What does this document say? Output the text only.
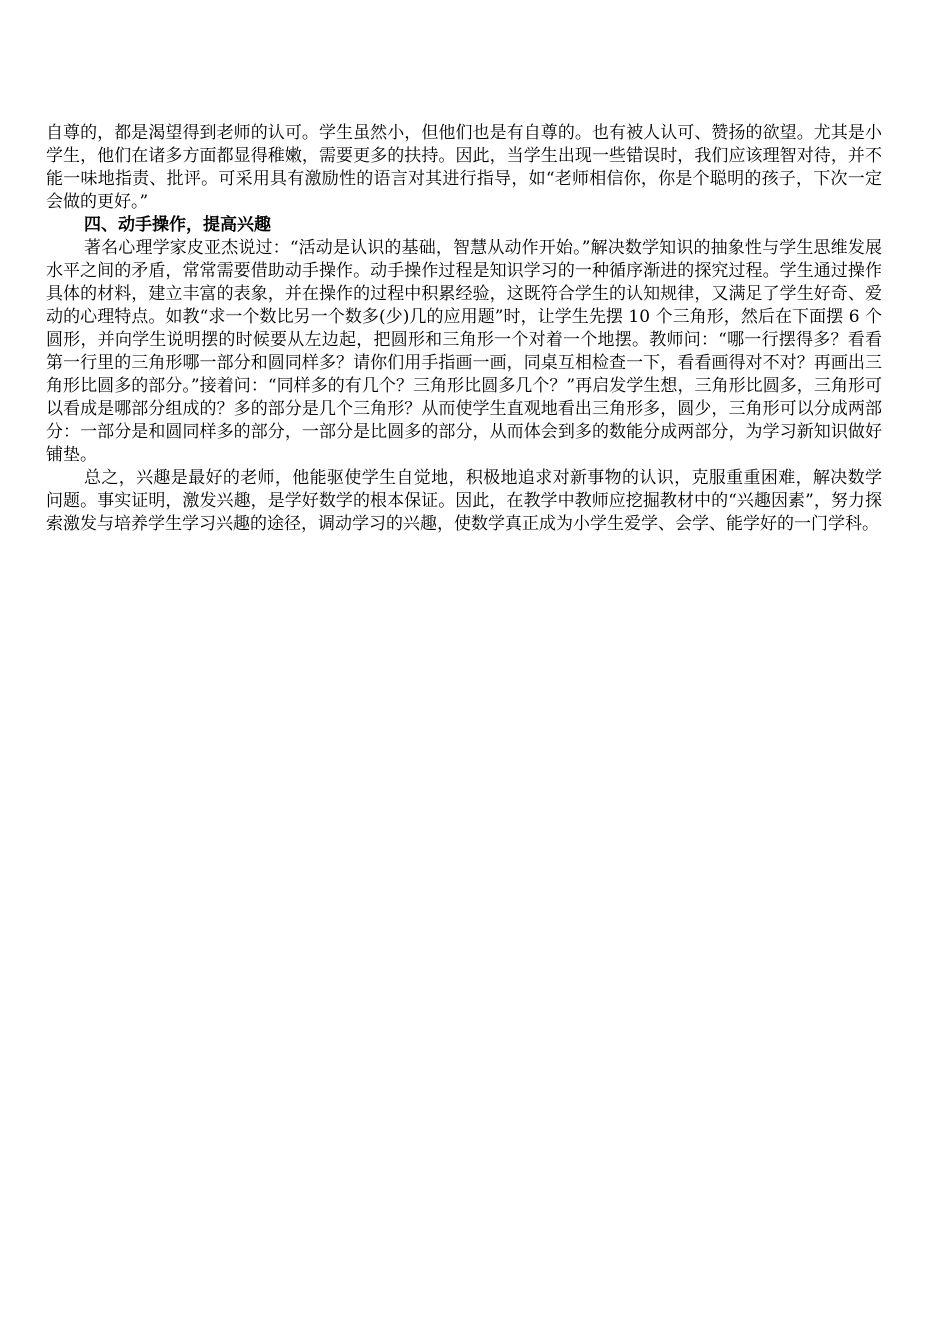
自尊的，都是渴望得到老师的认可。学生虽然小，但他们也是有自尊的。也有被人认可、赞扬的欲望。尤其是小学生，他们在诸多方面都显得稚嫩，需要更多的扶持。因此，当学生出现一些错误时，我们应该理智对待，并不能一味地指责、批评。可采用具有激励性的语言对其进行指导，如“老师相信你，你是个聪明的孩子，下次一定会做的更好。”

四、动手操作，提高兴趣

著名心理学家皮亚杰说过：“活动是认识的基础，智慧从动作开始。”解决数学知识的抽象性与学生思维发展水平之间的矛盾，常常需要借助动手操作。动手操作过程是知识学习的一种循序渐进的探究过程。学生通过操作具体的材料，建立丰富的表象，并在操作的过程中积累经验，这既符合学生的认知规律，又满足了学生好奇、爱动的心理特点。如教“求一个数比另一个数多(少)几的应用题”时，让学生先摆 10 个三角形，然后在下面摆 6 个圆形，并向学生说明摆的时候要从左边起，把圆形和三角形一个对着一个地摆。教师问：“哪一行摆得多？看看第一行里的三角形哪一部分和圆同样多？请你们用手指画一画，同桌互相检查一下，看看画得对不对？再画出三角形比圆多的部分。”接着问：“同样多的有几个？三角形比圆多几个？”再启发学生想，三角形比圆多，三角形可以看成是哪部分组成的？多的部分是几个三角形？从而使学生直观地看出三角形多，圆少，三角形可以分成两部分：一部分是和圆同样多的部分，一部分是比圆多的部分，从而体会到多的数能分成两部分，为学习新知识做好铺垫。

总之，兴趣是最好的老师，他能驱使学生自觉地，积极地追求对新事物的认识，克服重重困难，解决数学问题。事实证明，激发兴趣，是学好数学的根本保证。因此，在教学中教师应挖掘教材中的“兴趣因素”，努力探索激发与培养学生学习兴趣的途径，调动学习的兴趣，使数学真正成为小学生爱学、会学、能学好的一门学科。
